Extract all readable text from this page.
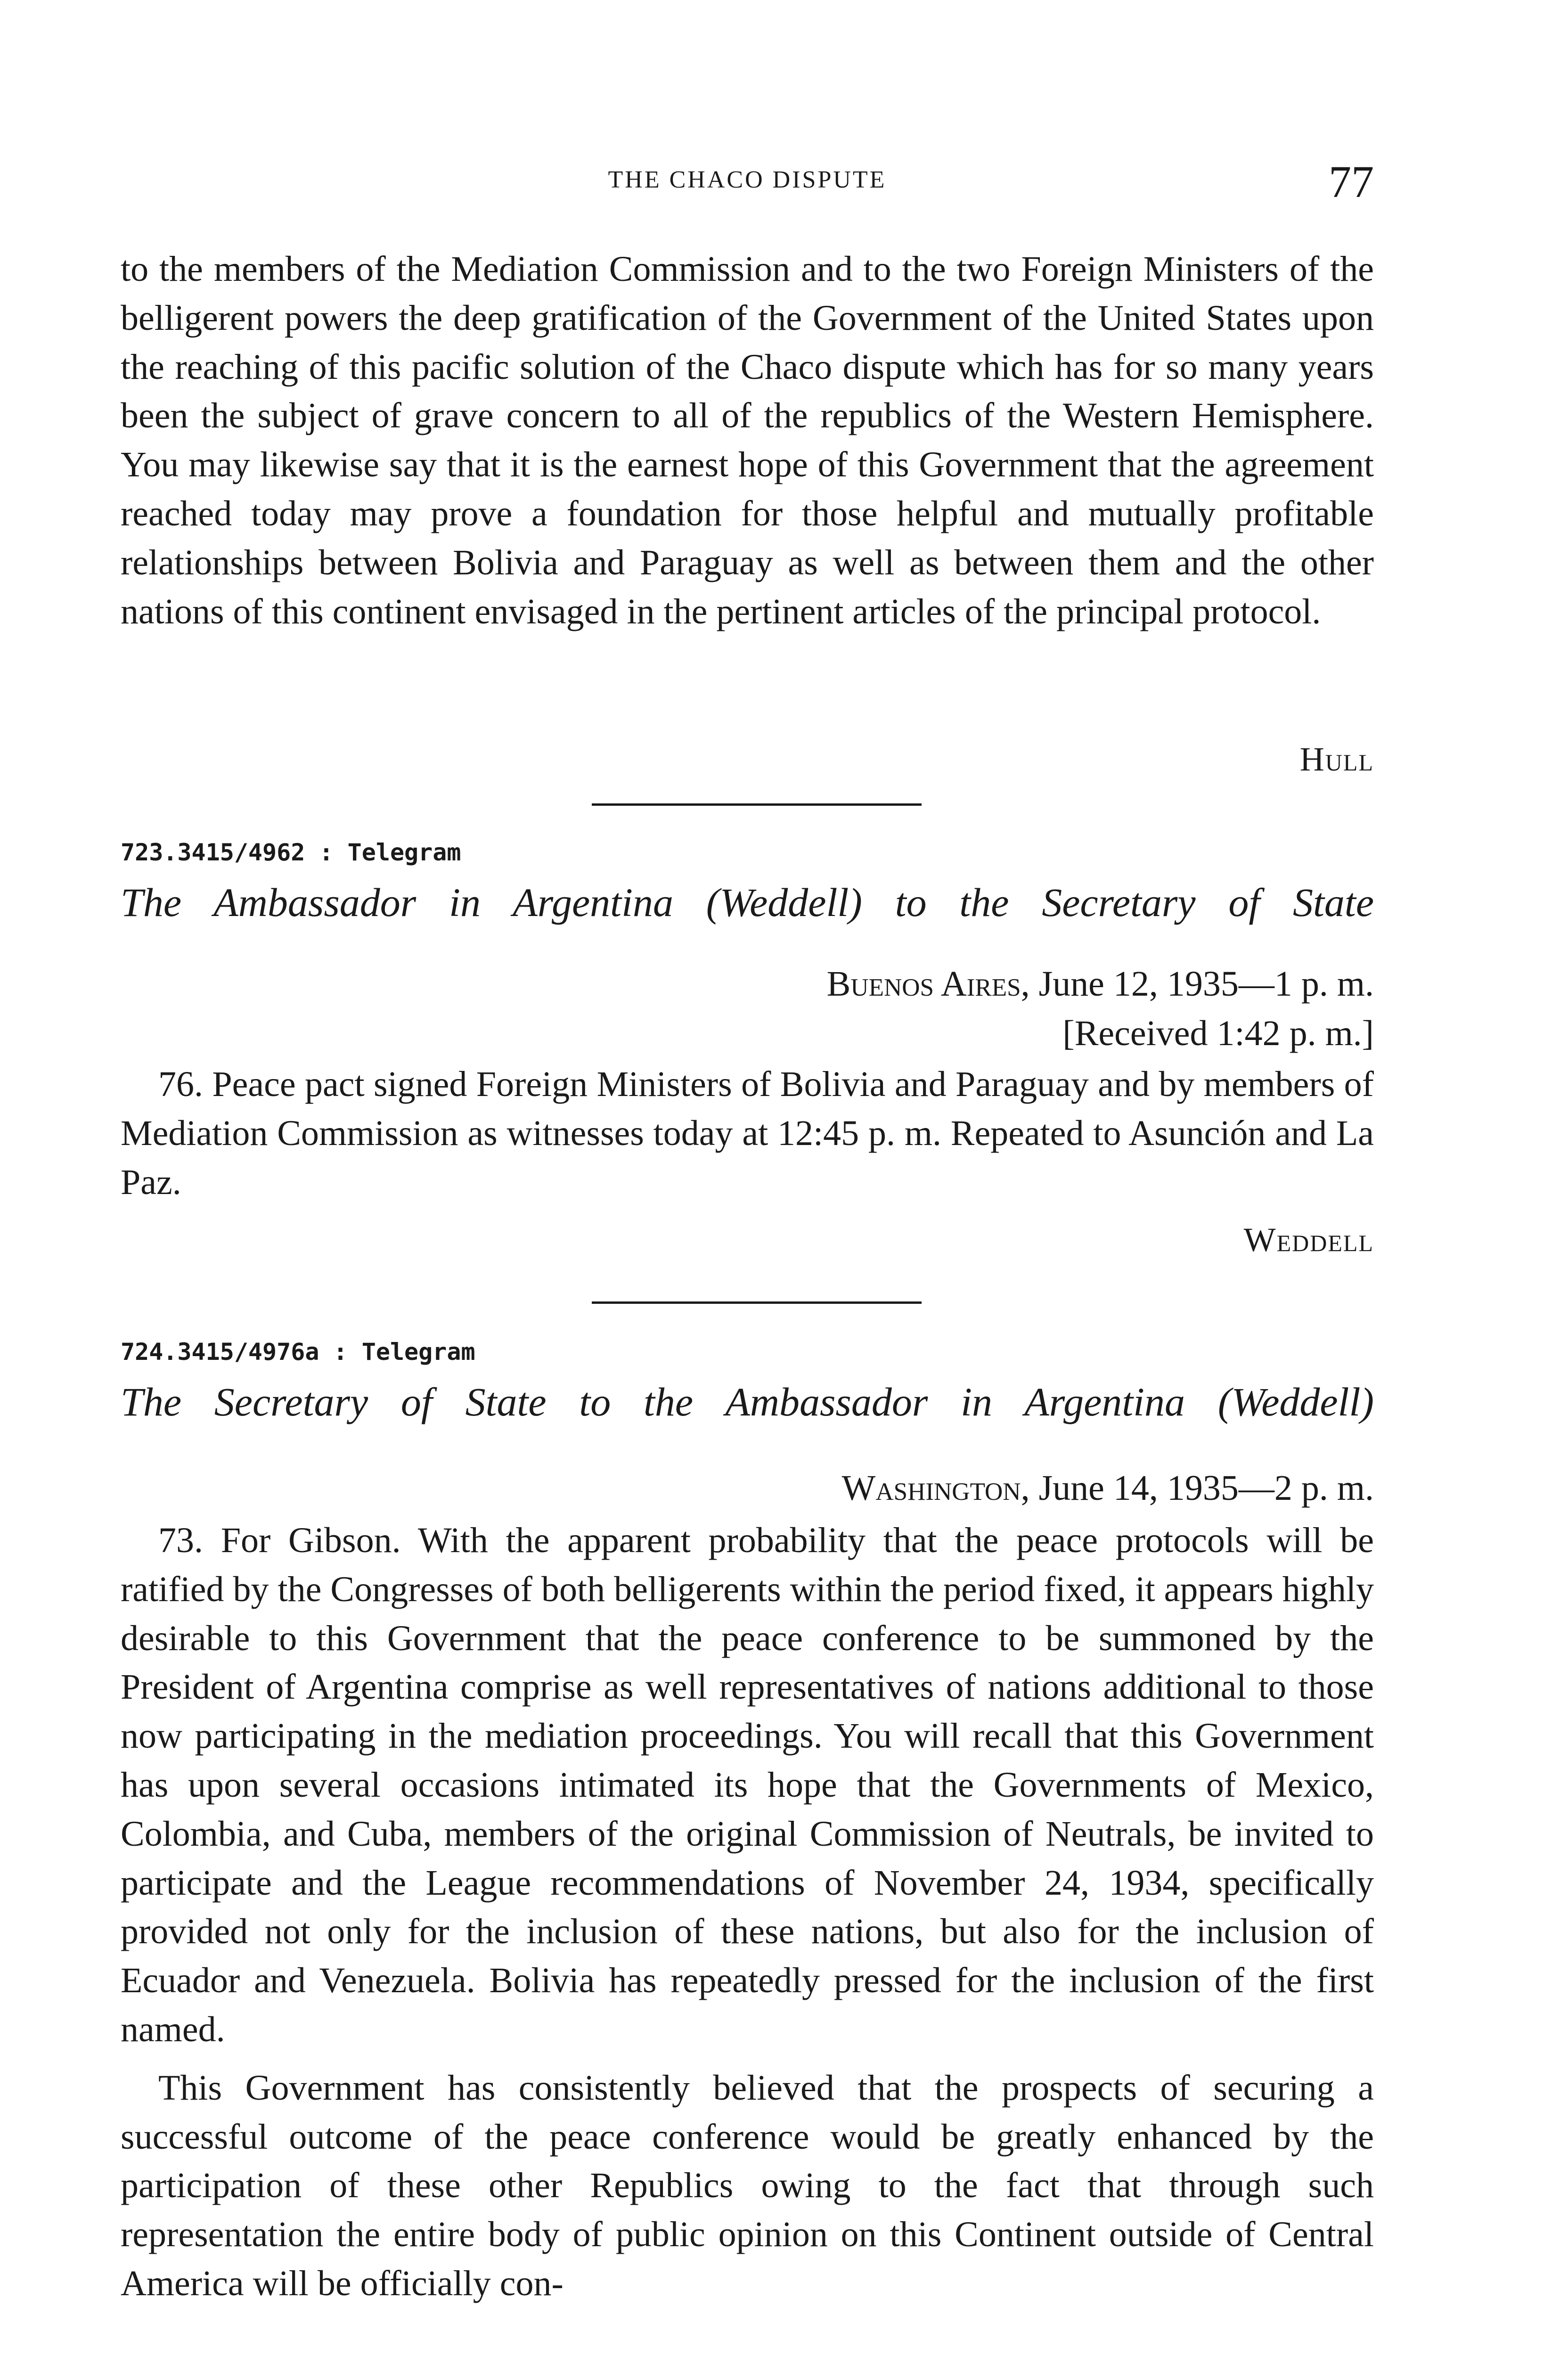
THE CHACO DISPUTE	77

to the members of the Mediation Commission and to the two Foreign Ministers of the belligerent powers the deep gratification of the Government of the United States upon the reaching of this pacific solution of the Chaco dispute which has for so many years been the subject of grave concern to all of the republics of the Western Hemisphere. You may likewise say that it is the earnest hope of this Government that the agreement reached today may prove a foundation for those helpful and mutually profitable relationships between Bolivia and Paraguay as well as between them and the other nations of this continent envisaged in the pertinent articles of the principal protocol.

Hull
723.3415/4962 : Telegram
The Ambassador in Argentina (Weddell) to the Secretary of State
Buenos Aires, June 12, 1935—1 p. m.
[Received 1:42 p. m.]

76. Peace pact signed Foreign Ministers of Bolivia and Paraguay and by members of Mediation Commission as witnesses today at 12:45 p. m. Repeated to Asunción and La Paz.

Weddell
724.3415/4976a : Telegram
The Secretary of State to the Ambassador in Argentina (Weddell)
Washington, June 14, 1935—2 p. m.

73. For Gibson. With the apparent probability that the peace protocols will be ratified by the Congresses of both belligerents within the period fixed, it appears highly desirable to this Government that the peace conference to be summoned by the President of Argentina comprise as well representatives of nations additional to those now participating in the mediation proceedings. You will recall that this Government has upon several occasions intimated its hope that the Governments of Mexico, Colombia, and Cuba, members of the original Commission of Neutrals, be invited to participate and the League recommendations of November 24, 1934, specifically provided not only for the inclusion of these nations, but also for the inclusion of Ecuador and Venezuela. Bolivia has repeatedly pressed for the inclusion of the first named.

This Government has consistently believed that the prospects of securing a successful outcome of the peace conference would be greatly enhanced by the participation of these other Republics owing to the fact that through such representation the entire body of public opinion on this Continent outside of Central America will be officially con-
